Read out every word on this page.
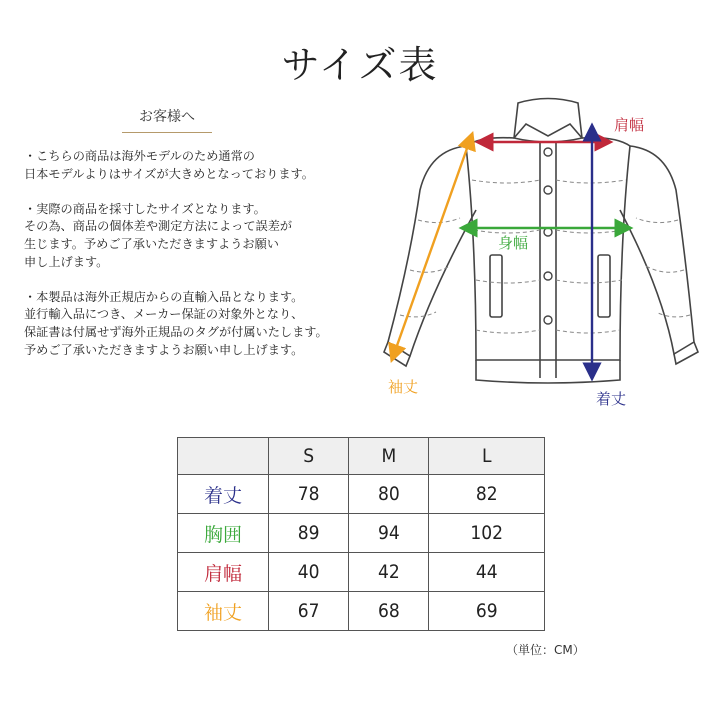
サイズ表
お客様へ
・こちらの商品は海外モデルのため通常の
日本モデルよりはサイズが大きめとなっております。

・実際の商品を採寸したサイズとなります。
その為、商品の個体差や測定方法によって誤差が
生じます。予めご了承いただきますようお願い
申し上げます。

・本製品は海外正規店からの直輸入品となります。
並行輸入品につき、メーカー保証の対象外となり、
保証書は付属せず海外正規品のタグが付属いたします。
予めご了承いただきますようお願い申し上げます。
肩幅
身幅
袖丈
着丈
	S	M	L
着丈	78	80	82
胸囲	89	94	102
肩幅	40	42	44
袖丈	67	68	69
（単位：CM）
